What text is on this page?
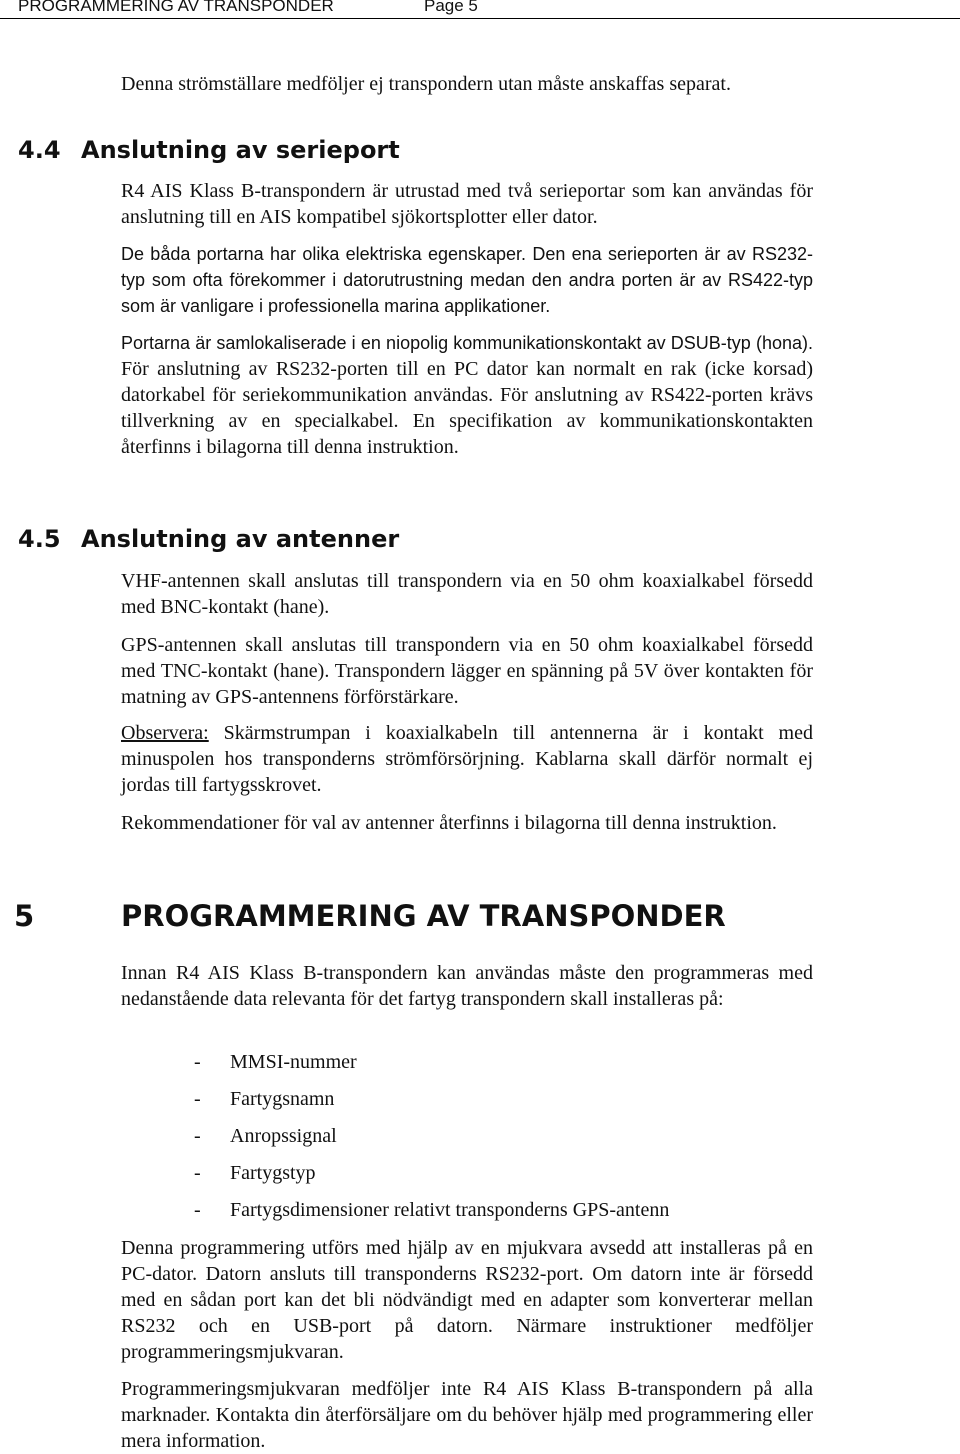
PROGRAMMERING AV TRANSPONDER	Page 5

Denna strömställare medföljer ej transpondern utan måste anskaffas separat.

4.4 Anslutning av serieport

R4 AIS Klass B-transpondern är utrustad med två serieportar som kan användas för anslutning till en AIS kompatibel sjökortsplotter eller dator.

De båda portarna har olika elektriska egenskaper. Den ena serieporten är av RS232-typ som ofta förekommer i datorutrustning medan den andra porten är av RS422-typ som är vanligare i professionella marina applikationer.

Portarna är samlokaliserade i en niopolig kommunikationskontakt av DSUB-typ (hona). För anslutning av RS232-porten till en PC dator kan normalt en rak (icke korsad) datorkabel för seriekommunikation användas. För anslutning av RS422-porten krävs tillverkning av en specialkabel. En specifikation av kommunikationskontakten återfinns i bilagorna till denna instruktion.

4.5 Anslutning av antenner

VHF-antennen skall anslutas till transpondern via en 50 ohm koaxialkabel försedd med BNC-kontakt (hane).

GPS-antennen skall anslutas till transpondern via en 50 ohm koaxialkabel försedd med TNC-kontakt (hane). Transpondern lägger en spänning på 5V över kontakten för matning av GPS-antennens förförstärkare.

Observera: Skärmstrumpan i koaxialkabeln till antennerna är i kontakt med minuspolen hos transponderns strömförsörjning. Kablarna skall därför normalt ej jordas till fartygsskrovet.

Rekommendationer för val av antenner återfinns i bilagorna till denna instruktion.

5	PROGRAMMERING AV TRANSPONDER

Innan R4 AIS Klass B-transpondern kan användas måste den programmeras med nedanstående data relevanta för det fartyg transpondern skall installeras på:

- MMSI-nummer

- Fartygsnamn

- Anropssignal

- Fartygstyp

- Fartygsdimensioner relativt transponderns GPS-antenn

Denna programmering utförs med hjälp av en mjukvara avsedd att installeras på en PC-dator. Datorn ansluts till transponderns RS232-port. Om datorn inte är försedd med en sådan port kan det bli nödvändigt med en adapter som konverterar mellan RS232 och en USB-port på datorn. Närmare instruktioner medföljer programmeringsmjukvaran.

Programmeringsmjukvaran medföljer inte R4 AIS Klass B-transpondern på alla marknader. Kontakta din återförsäljare om du behöver hjälp med programmering eller mera information.
